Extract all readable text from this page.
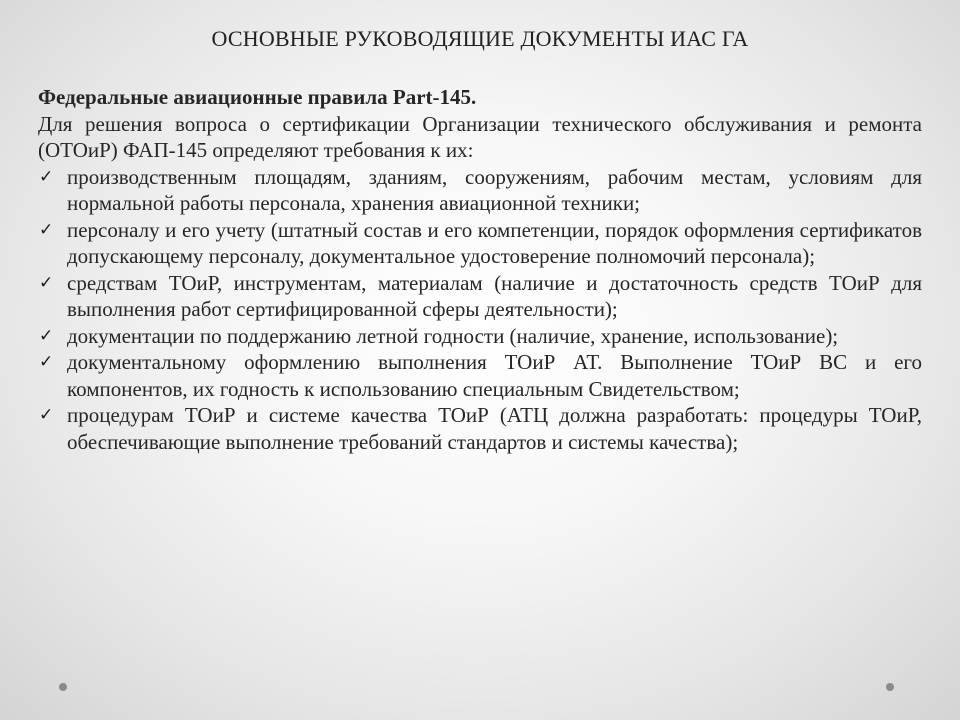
ОСНОВНЫЕ РУКОВОДЯЩИЕ ДОКУМЕНТЫ ИАС ГА

Федеральные авиационные правила Part-145.

Для решения вопроса о сертификации Организации технического обслуживания и ремонта (ОТОиР) ФАП-145 определяют требования к их:

✓ производственным площадям, зданиям, сооружениям, рабочим местам, условиям для нормальной работы персонала, хранения авиационной техники;
✓ персоналу и его учету (штатный состав и его компетенции, порядок оформления сертификатов допускающему персоналу, документальное удостоверение полномочий персонала);
✓ средствам ТОиР, инструментам, материалам (наличие и достаточность средств ТОиР для выполнения работ сертифицированной сферы деятельности);
✓ документации по поддержанию летной годности (наличие, хранение, использование);
✓ документальному оформлению выполнения ТОиР АТ. Выполнение ТОиР ВС и его компонентов, их годность к использованию специальным Свидетельством;
✓ процедурам ТОиР и системе качества ТОиР (АТЦ должна разработать: процедуры ТОиР, обеспечивающие выполнение требований стандартов и системы качества);
